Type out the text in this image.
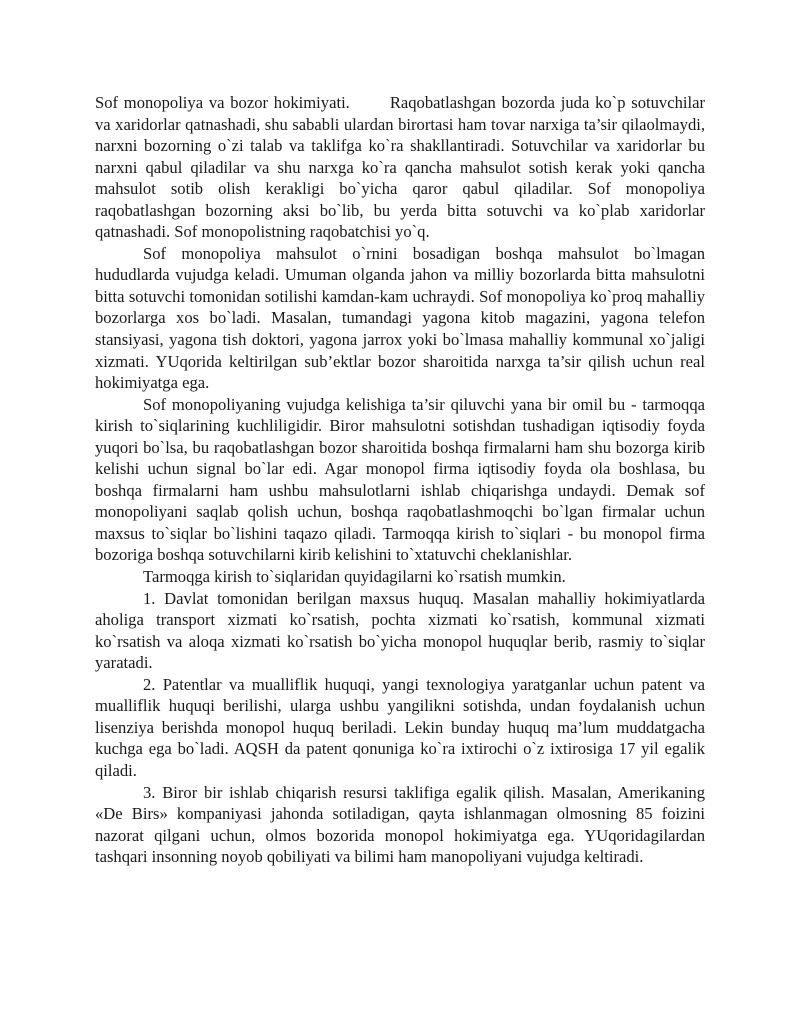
Sof monopoliya va bozor hokimiyati. Raqobatlashgan bozorda juda ko`p sotuvchilar va xaridorlar qatnashadi, shu sababli ulardan birortasi ham tovar narxiga ta’sir qilaolmaydi, narxni bozorning o`zi talab va taklifga ko`ra shakllantiradi. Sotuvchilar va xaridorlar bu narxni qabul qiladilar va shu narxga ko`ra qancha mahsulot sotish kerak yoki qancha mahsulot sotib olish kerakligi bo`yicha qaror qabul qiladilar. Sof monopoliya raqobatlashgan bozorning aksi bo`lib, bu yerda bitta sotuvchi va ko`plab xaridorlar qatnashadi. Sof monopolistning raqobatchisi yo`q.

Sof monopoliya mahsulot o`rnini bosadigan boshqa mahsulot bo`lmagan hududlarda vujudga keladi. Umuman olganda jahon va milliy bozorlarda bitta mahsulotni bitta sotuvchi tomonidan sotilishi kamdan-kam uchraydi. Sof monopoliya ko`proq mahalliy bozorlarga xos bo`ladi. Masalan, tumandagi yagona kitob magazini, yagona telefon stansiyasi, yagona tish doktori, yagona jarrox yoki bo`lmasa mahalliy kommunal xo`jaligi xizmati. YUqorida keltirilgan sub’ektlar bozor sharoitida narxga ta’sir qilish uchun real hokimiyatga ega.

Sof monopoliyaning vujudga kelishiga ta’sir qiluvchi yana bir omil bu - tarmoqqa kirish to`siqlarining kuchliligidir. Biror mahsulotni sotishdan tushadigan iqtisodiy foyda yuqori bo`lsa, bu raqobatlashgan bozor sharoitida boshqa firmalarni ham shu bozorga kirib kelishi uchun signal bo`lar edi. Agar monopol firma iqtisodiy foyda ola boshlasa, bu boshqa firmalarni ham ushbu mahsulotlarni ishlab chiqarishga undaydi. Demak sof monopoliyani saqlab qolish uchun, boshqa raqobatlashmoqchi bo`lgan firmalar uchun maxsus to`siqlar bo`lishini taqazo qiladi. Tarmoqqa kirish to`siqlari - bu monopol firma bozoriga boshqa sotuvchilarni kirib kelishini to`xtatuvchi cheklanishlar.

Tarmoqga kirish to`siqlaridan quyidagilarni ko`rsatish mumkin.

1. Davlat tomonidan berilgan maxsus huquq. Masalan mahalliy hokimiyatlarda aholiga transport xizmati ko`rsatish, pochta xizmati ko`rsatish, kommunal xizmati ko`rsatish va aloqa xizmati ko`rsatish bo`yicha monopol huquqlar berib, rasmiy to`siqlar yaratadi.

2. Patentlar va mualliflik huquqi, yangi texnologiya yaratganlar uchun patent va mualliflik huquqi berilishi, ularga ushbu yangilikni sotishda, undan foydalanish uchun lisenziya berishda monopol huquq beriladi. Lekin bunday huquq ma’lum muddatgacha kuchga ega bo`ladi. AQSH da patent qonuniga ko`ra ixtirochi o`z ixtirosiga 17 yil egalik qiladi.

3. Biror bir ishlab chiqarish resursi taklifiga egalik qilish. Masalan, Amerikaning «De Birs» kompaniyasi jahonda sotiladigan, qayta ishlanmagan olmosning 85 foizini nazorat qilgani uchun, olmos bozorida monopol hokimiyatga ega. YUqoridagilardan tashqari insonning noyob qobiliyati va bilimi ham manopoliyani vujudga keltiradi.
